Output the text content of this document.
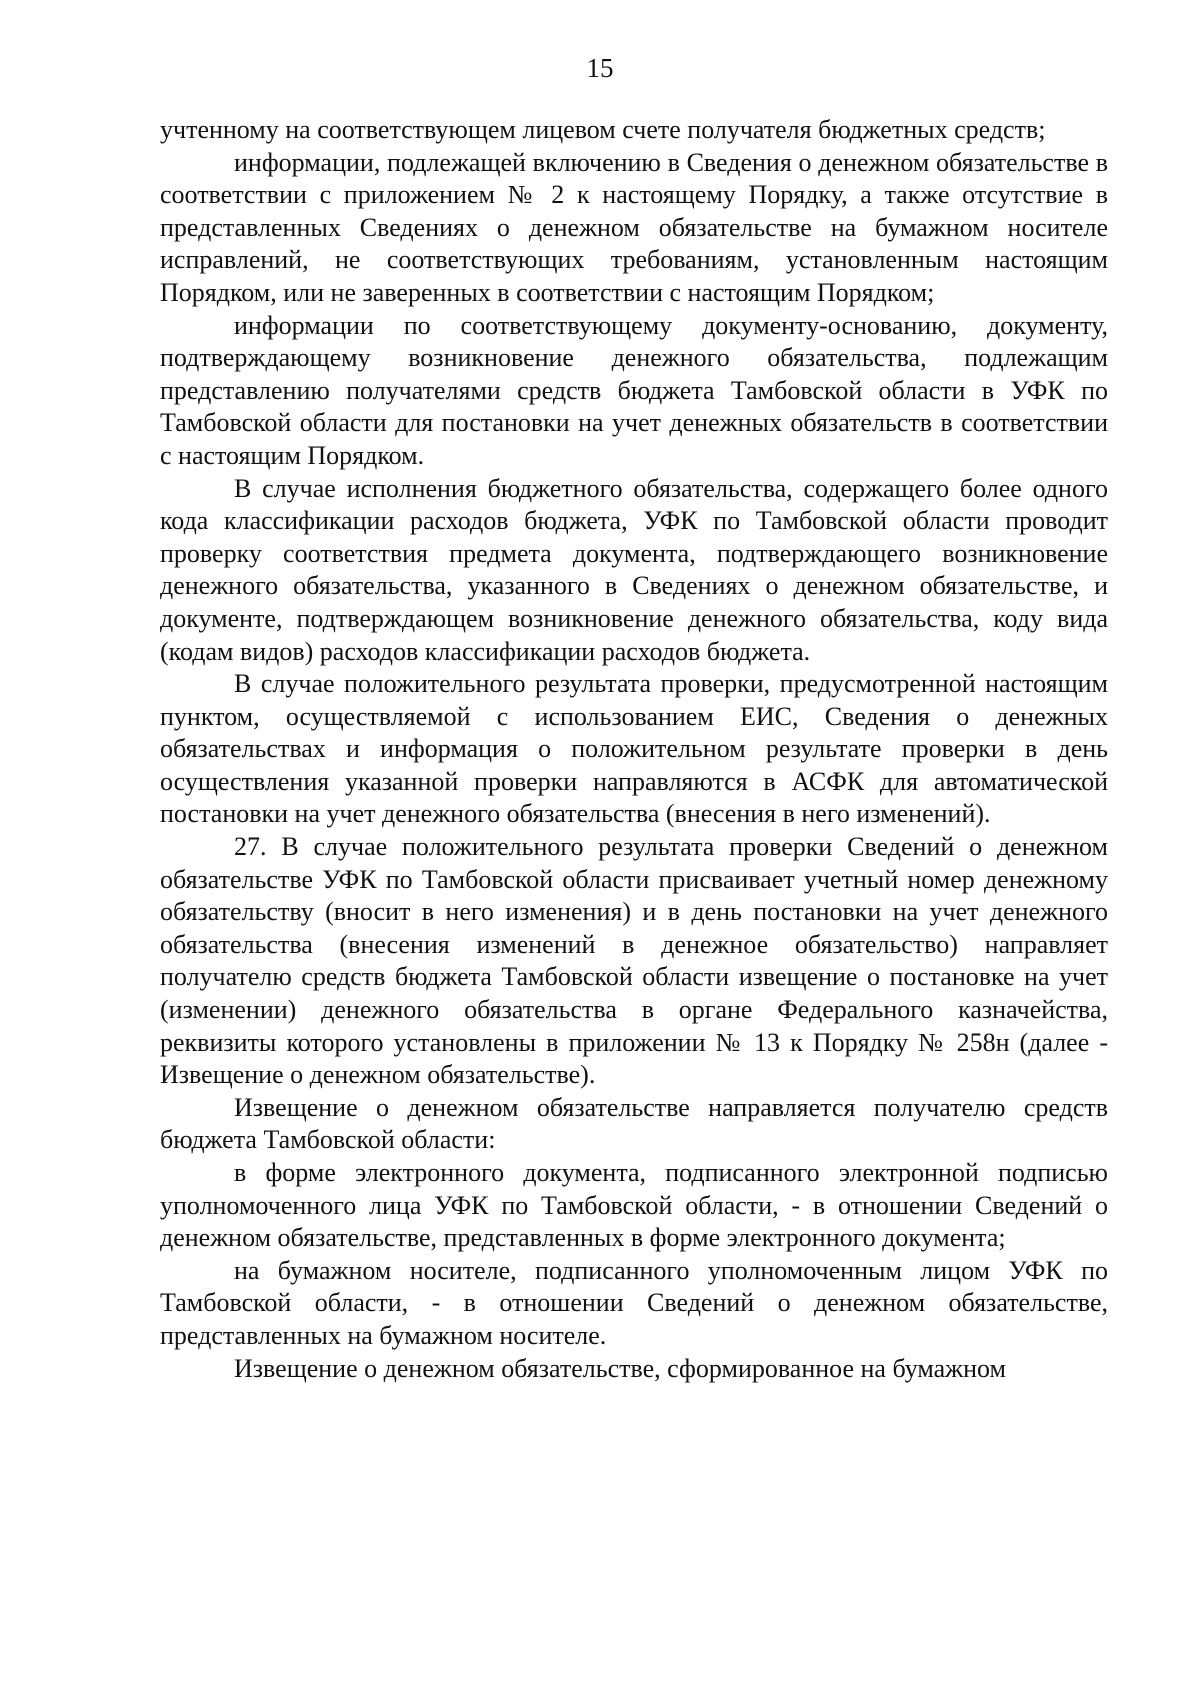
15

учтенному на соответствующем лицевом счете получателя бюджетных средств;

информации, подлежащей включению в Сведения о денежном обязательстве в соответствии с приложением № 2 к настоящему Порядку, а также отсутствие в представленных Сведениях о денежном обязательстве на бумажном носителе исправлений, не соответствующих требованиям, установленным настоящим Порядком, или не заверенных в соответствии с настоящим Порядком;

информации по соответствующему документу-основанию, документу, подтверждающему возникновение денежного обязательства, подлежащим представлению получателями средств бюджета Тамбовской области в УФК по Тамбовской области для постановки на учет денежных обязательств в соответствии с настоящим Порядком.

В случае исполнения бюджетного обязательства, содержащего более одного кода классификации расходов бюджета, УФК по Тамбовской области проводит проверку соответствия предмета документа, подтверждающего возникновение денежного обязательства, указанного в Сведениях о денежном обязательстве, и документе, подтверждающем возникновение денежного обязательства, коду вида (кодам видов) расходов классификации расходов бюджета.

В случае положительного результата проверки, предусмотренной настоящим пунктом, осуществляемой с использованием ЕИС, Сведения о денежных обязательствах и информация о положительном результате проверки в день осуществления указанной проверки направляются в АСФК для автоматической постановки на учет денежного обязательства (внесения в него изменений).

27. В случае положительного результата проверки Сведений о денежном обязательстве УФК по Тамбовской области присваивает учетный номер денежному обязательству (вносит в него изменения) и в день постановки на учет денежного обязательства (внесения изменений в денежное обязательство) направляет получателю средств бюджета Тамбовской области извещение о постановке на учет (изменении) денежного обязательства в органе Федерального казначейства, реквизиты которого установлены в приложении № 13 к Порядку № 258н (далее - Извещение о денежном обязательстве).

Извещение о денежном обязательстве направляется получателю средств бюджета Тамбовской области:

в форме электронного документа, подписанного электронной подписью уполномоченного лица УФК по Тамбовской области, - в отношении Сведений о денежном обязательстве, представленных в форме электронного документа;

на бумажном носителе, подписанного уполномоченным лицом УФК по Тамбовской области, - в отношении Сведений о денежном обязательстве, представленных на бумажном носителе.

Извещение о денежном обязательстве, сформированное на бумажном
